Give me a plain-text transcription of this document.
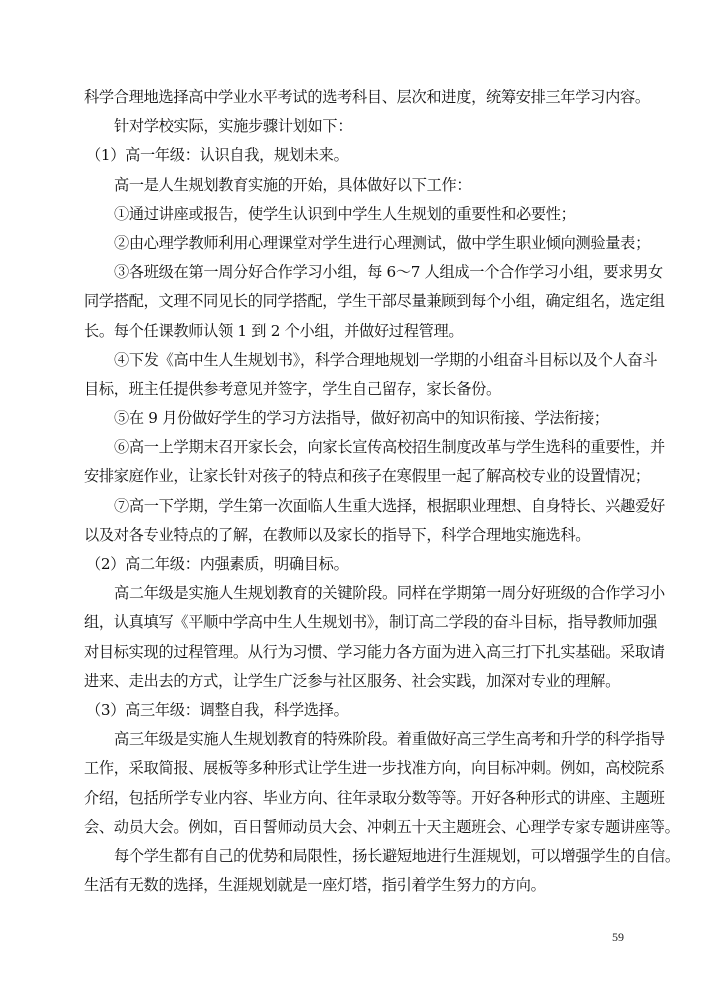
科学合理地选择高中学业水平考试的选考科目、层次和进度，统筹安排三年学习内容。
针对学校实际，实施步骤计划如下：
（1）高一年级：认识自我，规划未来。
高一是人生规划教育实施的开始，具体做好以下工作：
①通过讲座或报告，使学生认识到中学生人生规划的重要性和必要性；
②由心理学教师利用心理课堂对学生进行心理测试，做中学生职业倾向测验量表；
③各班级在第一周分好合作学习小组，每 6～7 人组成一个合作学习小组，要求男女
同学搭配，文理不同见长的同学搭配，学生干部尽量兼顾到每个小组，确定组名，选定组
长。每个任课教师认领 1 到 2 个小组，并做好过程管理。
④下发《高中生人生规划书》，科学合理地规划一学期的小组奋斗目标以及个人奋斗
目标，班主任提供参考意见并签字，学生自己留存，家长备份。
⑤在 9 月份做好学生的学习方法指导，做好初高中的知识衔接、学法衔接；
⑥高一上学期末召开家长会，向家长宣传高校招生制度改革与学生选科的重要性，并
安排家庭作业，让家长针对孩子的特点和孩子在寒假里一起了解高校专业的设置情况；
⑦高一下学期，学生第一次面临人生重大选择，根据职业理想、自身特长、兴趣爱好
以及对各专业特点的了解，在教师以及家长的指导下，科学合理地实施选科。
（2）高二年级：内强素质，明确目标。
高二年级是实施人生规划教育的关键阶段。同样在学期第一周分好班级的合作学习小
组，认真填写《平顺中学高中生人生规划书》，制订高二学段的奋斗目标，指导教师加强
对目标实现的过程管理。从行为习惯、学习能力各方面为进入高三打下扎实基础。采取请
进来、走出去的方式，让学生广泛参与社区服务、社会实践，加深对专业的理解。
（3）高三年级：调整自我，科学选择。
高三年级是实施人生规划教育的特殊阶段。着重做好高三学生高考和升学的科学指导
工作，采取简报、展板等多种形式让学生进一步找准方向，向目标冲刺。例如，高校院系
介绍，包括所学专业内容、毕业方向、往年录取分数等等。开好各种形式的讲座、主题班
会、动员大会。例如，百日誓师动员大会、冲刺五十天主题班会、心理学专家专题讲座等。
每个学生都有自己的优势和局限性，扬长避短地进行生涯规划，可以增强学生的自信。
生活有无数的选择，生涯规划就是一座灯塔，指引着学生努力的方向。
59
